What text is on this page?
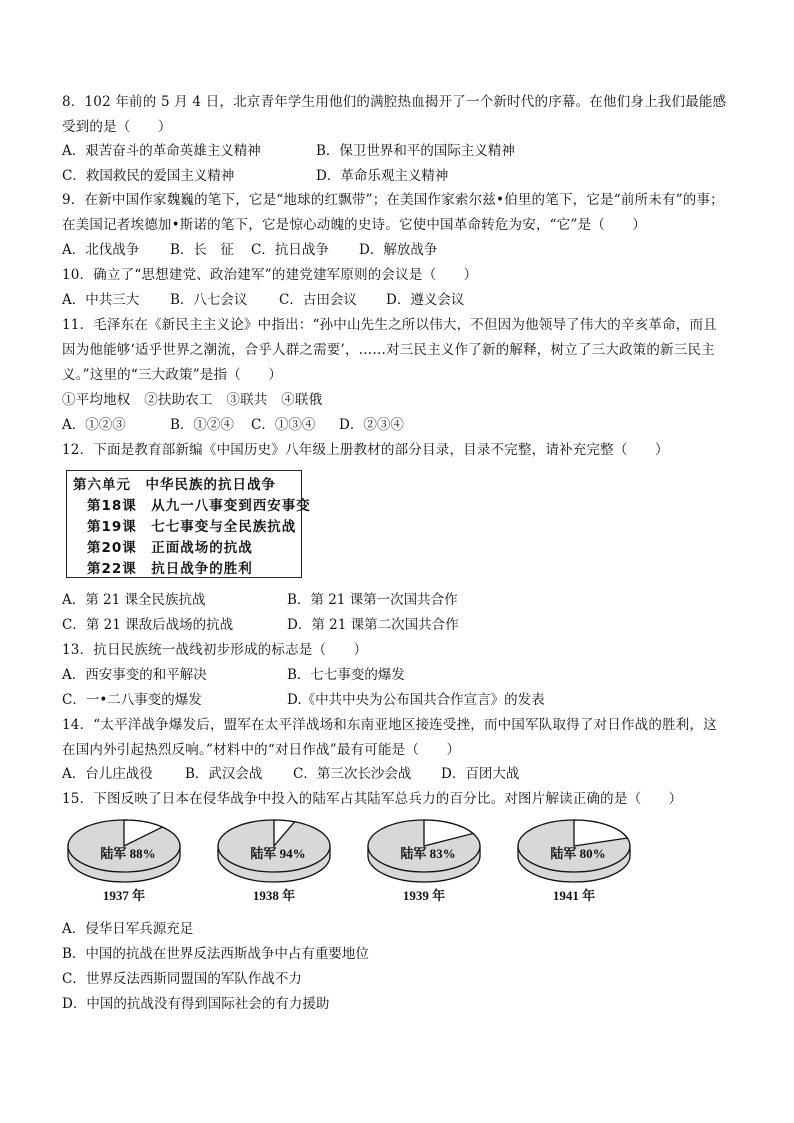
8．102 年前的 5 月 4 日，北京青年学生用他们的满腔热血揭开了一个新时代的序幕。在他们身上我们最能感
受到的是（　　）
A．艰苦奋斗的革命英雄主义精神	B．保卫世界和平的国际主义精神
C．救国救民的爱国主义精神	D．革命乐观主义精神
9．在新中国作家魏巍的笔下，它是“地球的红飘带”；在美国作家索尔兹•伯里的笔下，它是“前所未有”的事；
在美国记者埃德加•斯诺的笔下，它是惊心动魄的史诗。它使中国革命转危为安，“它”是（　　）
A．北伐战争 B．长　征 C．抗日战争 D．解放战争
10．确立了“思想建党、政治建军”的建党建军原则的会议是（　　）
A．中共三大 B．八七会议 C．古田会议 D．遵义会议
11．毛泽东在《新民主主义论》中指出：“孙中山先生之所以伟大，不但因为他领导了伟大的辛亥革命，而且
因为他能够‘适乎世界之潮流，合乎人群之需要’，……对三民主义作了新的解释，树立了三大政策的新三民主
义。”这里的“三大政策”是指（　　）
①平均地权　②扶助农工　③联共　④联俄
A．①②③	B．①②④ C．①③④ D．②③④
12．下面是教育部新编《中国历史》八年级上册教材的部分目录，目录不完整，请补充完整（　　）
第六单元　中华民族的抗日战争
第18课　从九一八事变到西安事变
第19课　七七事变与全民族抗战
第20课　正面战场的抗战
第22课　抗日战争的胜利
A．第 21 课全民族抗战	B．第 21 课第一次国共合作
C．第 21 课敌后战场的抗战	D．第 21 课第二次国共合作
13．抗日民族统一战线初步形成的标志是（　　）
A．西安事变的和平解决	B．七七事变的爆发
C．一•二八事变的爆发	D.《中共中央为公布国共合作宣言》的发表
14．“太平洋战争爆发后，盟军在太平洋战场和东南亚地区接连受挫，而中国军队取得了对日作战的胜利，这
在国内外引起热烈反响。”材料中的“对日作战”最有可能是（　　）
A．台儿庄战役 B．武汉会战 C．第三次长沙会战 D．百团大战
15．下图反映了日本在侵华战争中投入的陆军占其陆军总兵力的百分比。对图片解读正确的是（　　）
陆军 88%
1937 年
陆军 94%
1938 年
陆军 83%
1939 年
陆军 80%
1941 年
A．侵华日军兵源充足
B．中国的抗战在世界反法西斯战争中占有重要地位
C．世界反法西斯同盟国的军队作战不力
D．中国的抗战没有得到国际社会的有力援助
